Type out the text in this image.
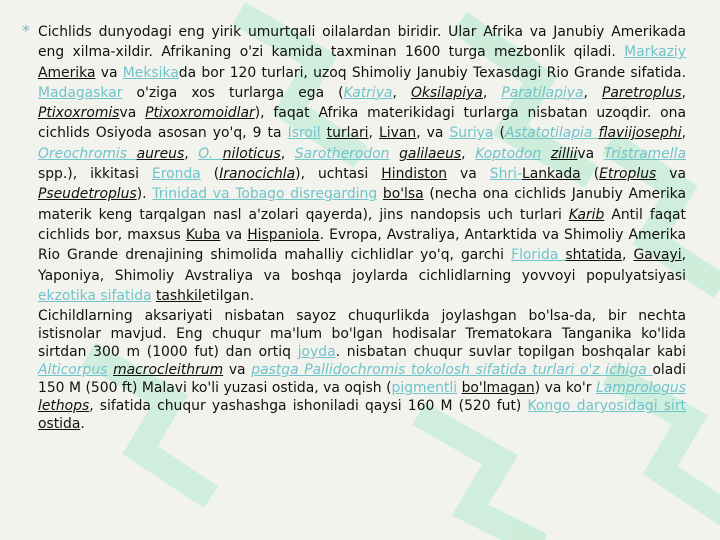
* Cichlids dunyodagi eng yirik umurtqali oilalardan biridir. Ular Afrika va Janubiy Amerikada eng xilma-xildir. Afrikaning o'zi kamida taxminan 1600 turga mezbonlik qiladi. Markaziy Amerika va Meksikada bor 120 turlari, uzoq Shimoliy Janubiy Texasdagi Rio Grande sifatida. Madagaskar o'ziga xos turlarga ega (Katriya, Oksilapiya, Paratilapiya, Paretroplus, Ptixoxromisva Ptixoxromoidlar), faqat Afrika materikidagi turlarga nisbatan uzoqdir. ona cichlids Osiyoda asosan yo'q, 9 ta Isroil turlari, Livan, va Suriya (Astatotilapia flaviijosephi, Oreochromis aureus, O. niloticus, Sarotherodon galilaeus, Koptodon zilliiva Tristramella spp.), ikkitasi Eronda (Iranocichla), uchtasi Hindiston va Shri-Lankada (Etroplus va Pseudetroplus). Trinidad va Tobago disregarding bo'lsa (necha ona cichlids Janubiy Amerika materik keng tarqalgan nasl a'zolari qayerda), jins nandopsis uch turlari Karib Antil faqat cichlids bor, maxsus Kuba va Hispaniola. Evropa, Avstraliya, Antarktida va Shimoliy Amerika Rio Grande drenajining shimolida mahalliy cichlidlar yo'q, garchi Florida shtatida, Gavayi, Yaponiya, Shimoliy Avstraliya va boshqa joylarda cichlidlarning yovvoyi populyatsiyasi ekzotika sifatida tashkiletilgan.

Cichildlarning aksariyati nisbatan sayoz chuqurlikda joylashgan bo'lsa-da, bir nechta istisnolar mavjud. Eng chuqur ma'lum bo'lgan hodisalar Trematokara Tanganika ko'lida sirtdan 300 m (1000 fut) dan ortiq joyda. nisbatan chuqur suvlar topilgan boshqalar kabi Alticorpus macrocleithrum va pastga Pallidochromis tokolosh sifatida turlari o'z ichiga oladi 150 M (500 ft) Malavi ko'li yuzasi ostida, va oqish (pigmentli bo'lmagan) va ko'r Lamprologus lethops, sifatida chuqur yashashga ishoniladi qaysi 160 M (520 fut) Kongo daryosidagi sirt ostida.
